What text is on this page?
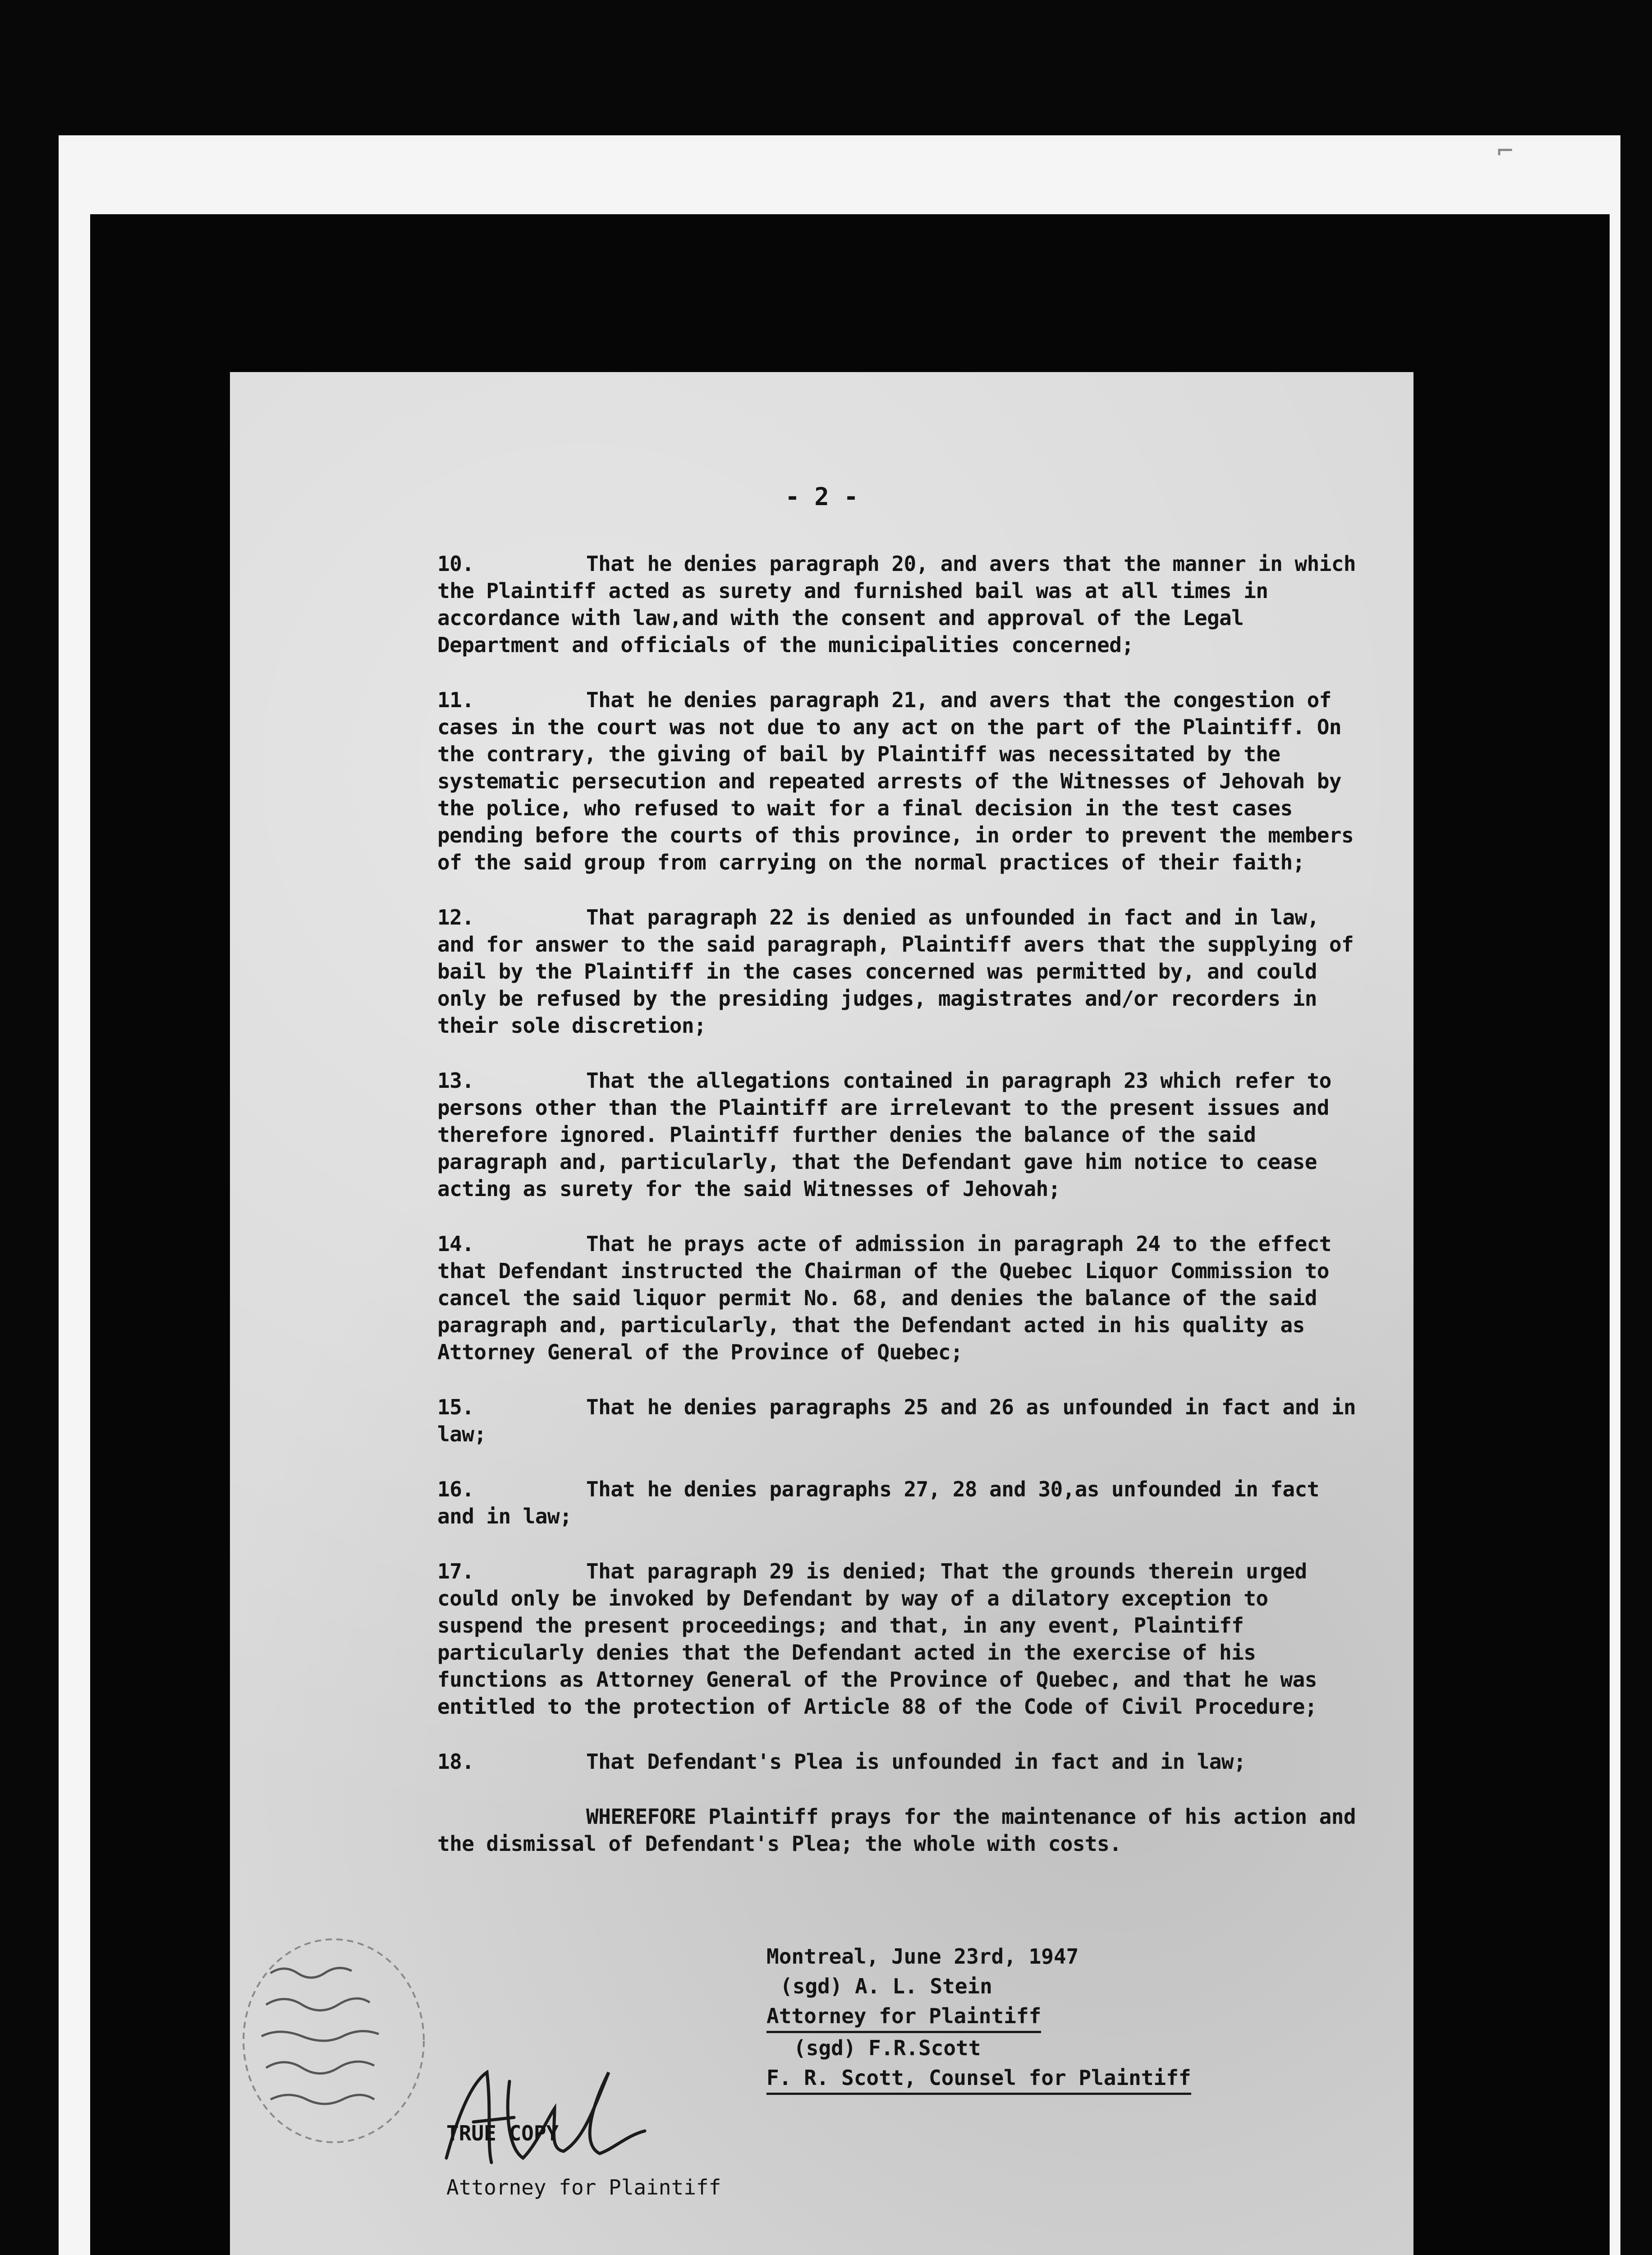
⌐
- 2 -

10.	That he denies paragraph 20, and avers that the manner in which the Plaintiff acted as surety and furnished bail was at all times in accordance with law,and with the consent and approval of the Legal Department and officials of the municipalities concerned;

11.	That he denies paragraph 21, and avers that the congestion of cases in the court was not due to any act on the part of the Plaintiff. On the contrary, the giving of bail by Plaintiff was necessitated by the systematic persecution and repeated arrests of the Witnesses of Jehovah by the police, who refused to wait for a final decision in the test cases pending before the courts of this province, in order to prevent the members of the said group from carrying on the normal practices of their faith;

12.	That paragraph 22 is denied as unfounded in fact and in law, and for answer to the said paragraph, Plaintiff avers that the supplying of bail by the Plaintiff in the cases concerned was permitted by, and could only be refused by the presiding judges, magistrates and/or recorders in their sole discretion;

13.	That the allegations contained in paragraph 23 which refer to persons other than the Plaintiff are irrelevant to the present issues and therefore ignored. Plaintiff further denies the balance of the said paragraph and, particularly, that the Defendant gave him notice to cease acting as surety for the said Witnesses of Jehovah;

14.	That he prays acte of admission in paragraph 24 to the effect that Defendant instructed the Chairman of the Quebec Liquor Commission to cancel the said liquor permit No. 68, and denies the balance of the said paragraph and, particularly, that the Defendant acted in his quality as Attorney General of the Province of Quebec;

15.	That he denies paragraphs 25 and 26 as unfounded in fact and in law;

16.	That he denies paragraphs 27, 28 and 30,as unfounded in fact and in law;

17.	That paragraph 29 is denied; That the grounds therein urged could only be invoked by Defendant by way of a dilatory exception to suspend the present proceedings; and that, in any event, Plaintiff particularly denies that the Defendant acted in the exercise of his functions as Attorney General of the Province of Quebec, and that he was entitled to the protection of Article 88 of the Code of Civil Procedure;

18.	That Defendant's Plea is unfounded in fact and in law;

WHEREFORE Plaintiff prays for the maintenance of his action and the dismissal of Defendant's Plea; the whole with costs.

Montreal, June 23rd, 1947
(sgd) A. L. Stein
Attorney for Plaintiff
(sgd) F.R.Scott
F. R. Scott, Counsel for Plaintiff
TRUE COPY
Attorney for Plaintiff
